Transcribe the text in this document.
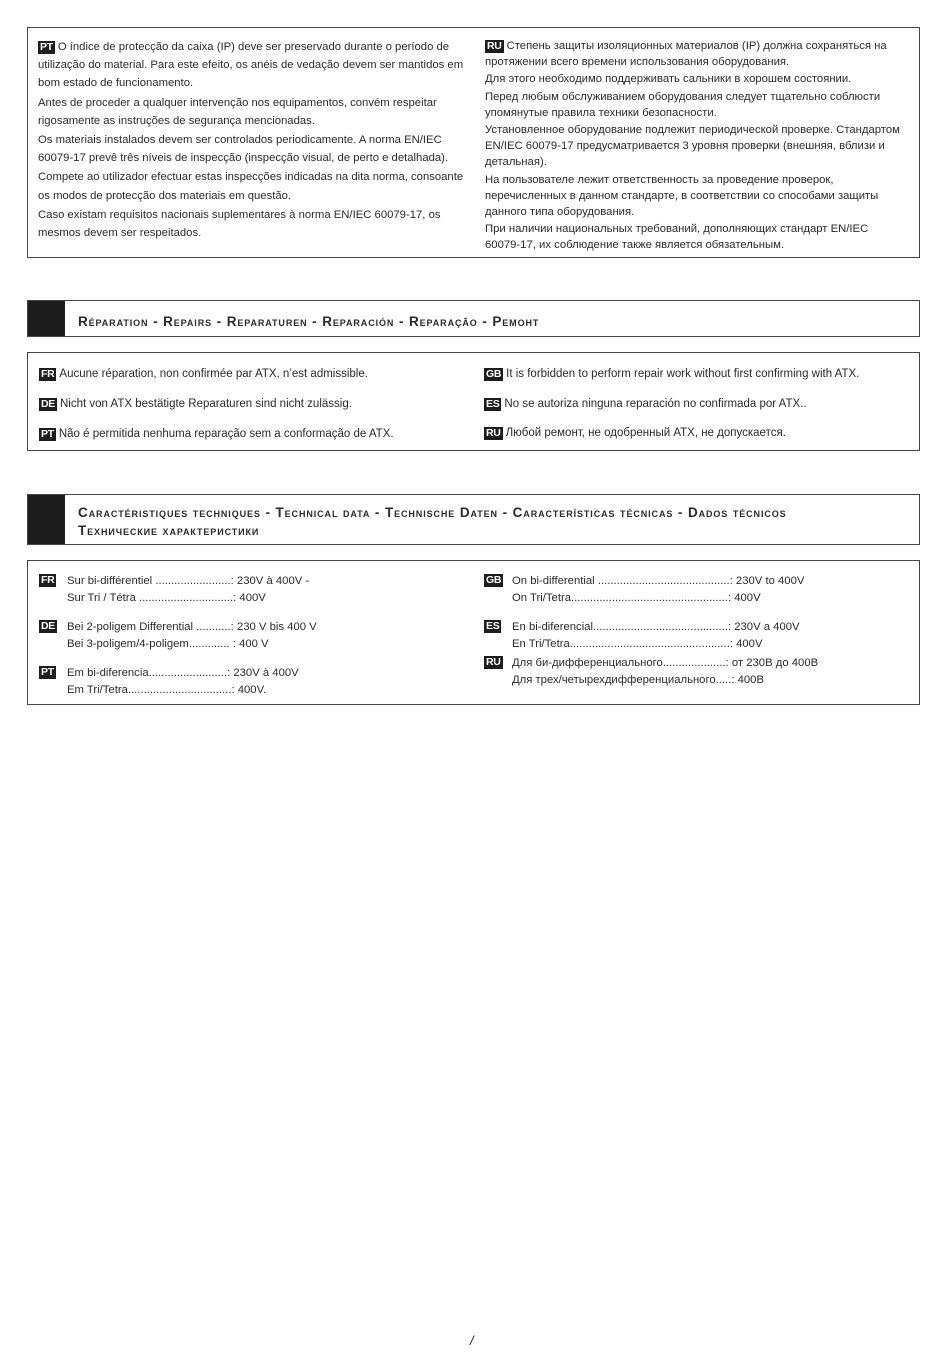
PT O índice de protecção da caixa (IP) deve ser preservado durante o período de utilização do material. Para este efeito, os anéis de vedação devem ser mantidos em bom estado de funcionamento.

Antes de proceder a qualquer intervenção nos equipamentos, convém respeitar rigosamente as instruções de segurança mencionadas.

Os materiais instalados devem ser controlados periodicamente. A norma EN/IEC 60079-17 prevê três níveis de inspecção (inspecção visual, de perto e detalhada).

Compete ao utilizador efectuar estas inspecções indicadas na dita norma, consoante os modos de protecção dos materiais em questão.

Caso existam requisitos nacionais suplementares à norma EN/IEC 60079-17, os mesmos devem ser respeitados.

RU Степень защиты изоляционных материалов (IP) должна сохраняться на протяжении всего времени использования оборудования.

Для этого необходимо поддерживать сальники в хорошем состоянии.

Перед любым обслуживанием оборудования следует тщательно соблюсти упомянутые правила техники безопасности.

Установленное оборудование подлежит периодической проверке. Стандартом EN/IEC 60079-17 предусматривается 3 уровня проверки (внешняя, вблизи и детальная).

На пользователе лежит ответственность за проведение проверок, перечисленных в данном стандарте, в соответствии со способами защиты данного типа оборудования.

При наличии национальных требований, дополняющих стандарт EN/IEC 60079-17, их соблюдение также является обязательным.

Réparation - Repairs - Reparaturen - Reparación - Reparação - Ремонт
FR Aucune réparation, non confirmée par ATX, n’est admissible.
DE Nicht von ATX bestätigte Reparaturen sind nicht zulässig.
PT Não é permitida nenhuma reparação sem a conformação de ATX.
GB It is forbidden to perform repair work without first confirming with ATX.
ES No se autoriza ninguna reparación no confirmada por ATX..
RU Любой ремонт, не одобренный ATX, не допускается.
Caractéristiques techniques - Technical data - Technische Daten - Características técnicas - Dados técnicos
Технические характеристики
FR Sur bi-différentiel ........................: 230V à 400V -
Sur Tri / Tétra ..............................: 400V
DE Bei 2-poligem Differential ...........: 230 V bis 400 V
Bei 3-poligem/4-poligem............. : 400 V
PT Em bi-diferencia.........................: 230V à 400V
Em Tri/Tetra.................................: 400V.
GB On bi-differential ..........................................: 230V to 400V
On Tri/Tetra..................................................: 400V
ES En bi-diferencial...........................................: 230V a 400V
En Tri/Tetra...................................................: 400V
RU Для би-дифференциального....................: от 230В до 400В
Для трех/четырехдифференциального.....: 400В
/
